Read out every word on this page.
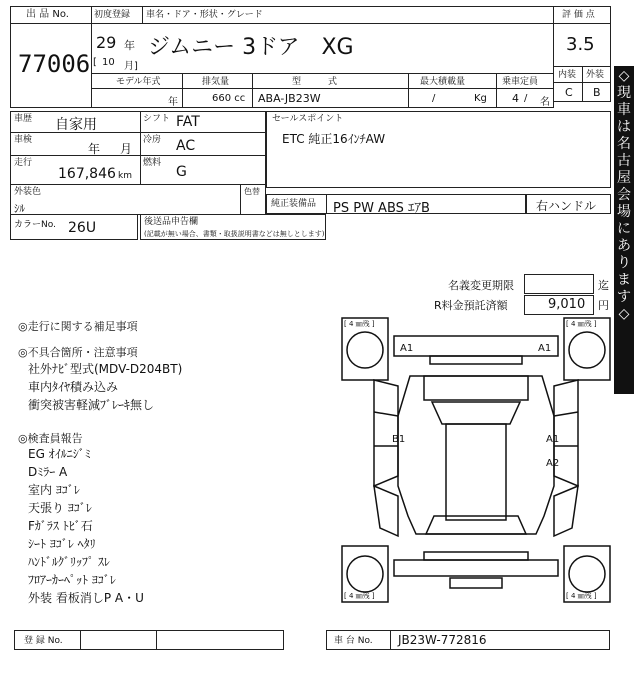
出 品 No.
77006
初度登録 車名・ドア・形状・グレード
29 年
[ 10 月]
ジムニー 3ドア　XG
評 価 点
3.5
内装 外装
C B
モデル年式	排気量	型　　　式	最大積載量	乗車定員
年	660 cc ABA-JB23W	/	Kg 4 / 名
車歴 自家用	シフト FAT
車検
年 月
冷房 AC
走行
167,846 km
燃料
G
外装色
ｼﾙ
色替
カラーNo. 26U	後送品申告欄
(記載が無い場合、書類・取扱説明書などは無しとします)
セールスポイント
ETC 純正16ｲﾝﾁAW
純正装備品 PS PW ABS ｴｱB	右ハンドル
名義変更期限	迄
R料金預託済額	9,010 円
◇
現
車
は
名
古
屋
会
場
に
あ
り
ま
す
◇
◎走行に関する補足事項
◎不具合箇所・注意事項
社外ﾅﾋﾞ型式(MDV-D204BT)
車内ﾀｲﾔ積み込み
衝突被害軽減ﾌﾞﾚｰｷ無し
◎検査員報告
EG ｵｲﾙﾆｼﾞﾐ
Dﾐﾗｰ A
室内 ﾖｺﾞﾚ
天張り ﾖｺﾞﾚ
Fｶﾞﾗｽ ﾄﾋﾞ石
ｼｰﾄ ﾖｺﾞﾚ ﾍﾀﾘ
ﾊﾝﾄﾞﾙｸﾞﾘｯﾌﾟ ｽﾚ
ﾌﾛｱｰｶｰﾍﾟｯﾄ ﾖｺﾞﾚ
外装 看板消しP A・U
[ 4 ㎜残 ]	[ 4 ㎜残 ]
[ 4 ㎜残 ]	[ 4 ㎜残 ]
A1	A1
B1	A1
A2
登 録 No.	車 台 No. JB23W-772816
